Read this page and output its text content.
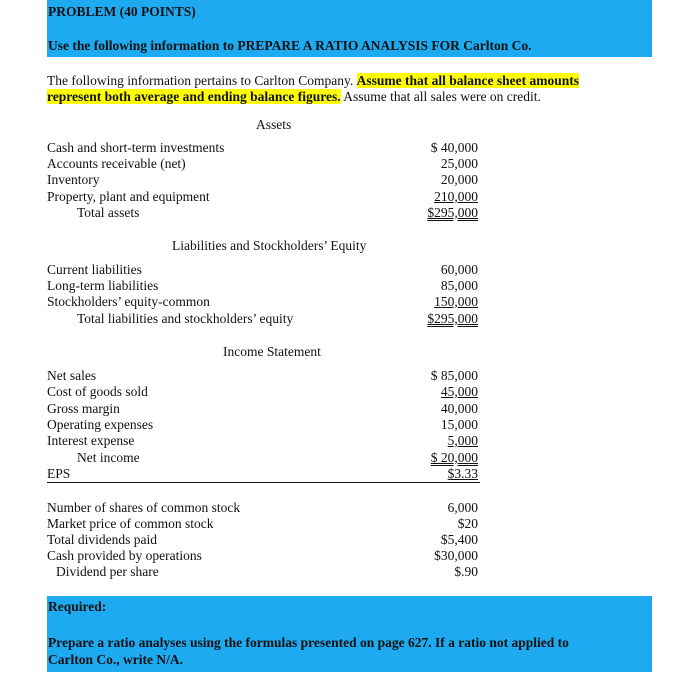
PROBLEM (40 POINTS)
Use the following information to PREPARE A RATIO ANALYSIS FOR Carlton Co.
The following information pertains to Carlton Company. Assume that all balance sheet amounts
represent both average and ending balance figures. Assume that all sales were on credit.
Assets
Cash and short-term investments
Accounts receivable (net)
Inventory
Property, plant and equipment
Total assets
$ 40,000
25,000
20,000
210,000
$295,000
Liabilities and Stockholders’ Equity
Current liabilities
Long-term liabilities
Stockholders’ equity-common
Total liabilities and stockholders’ equity
60,000
85,000
150,000
$295,000
Income Statement
Net sales
Cost of goods sold
Gross margin
Operating expenses
Interest expense
Net income
EPS
$ 85,000
45,000
40,000
15,000
5,000
$ 20,000
$3.33
Number of shares of common stock
Market price of common stock
Total dividends paid
Cash provided by operations
Dividend per share
6,000
$20
$5,400
$30,000
$.90
Required:
Prepare a ratio analyses using the formulas presented on page 627. If a ratio not applied to
Carlton Co., write N/A.
